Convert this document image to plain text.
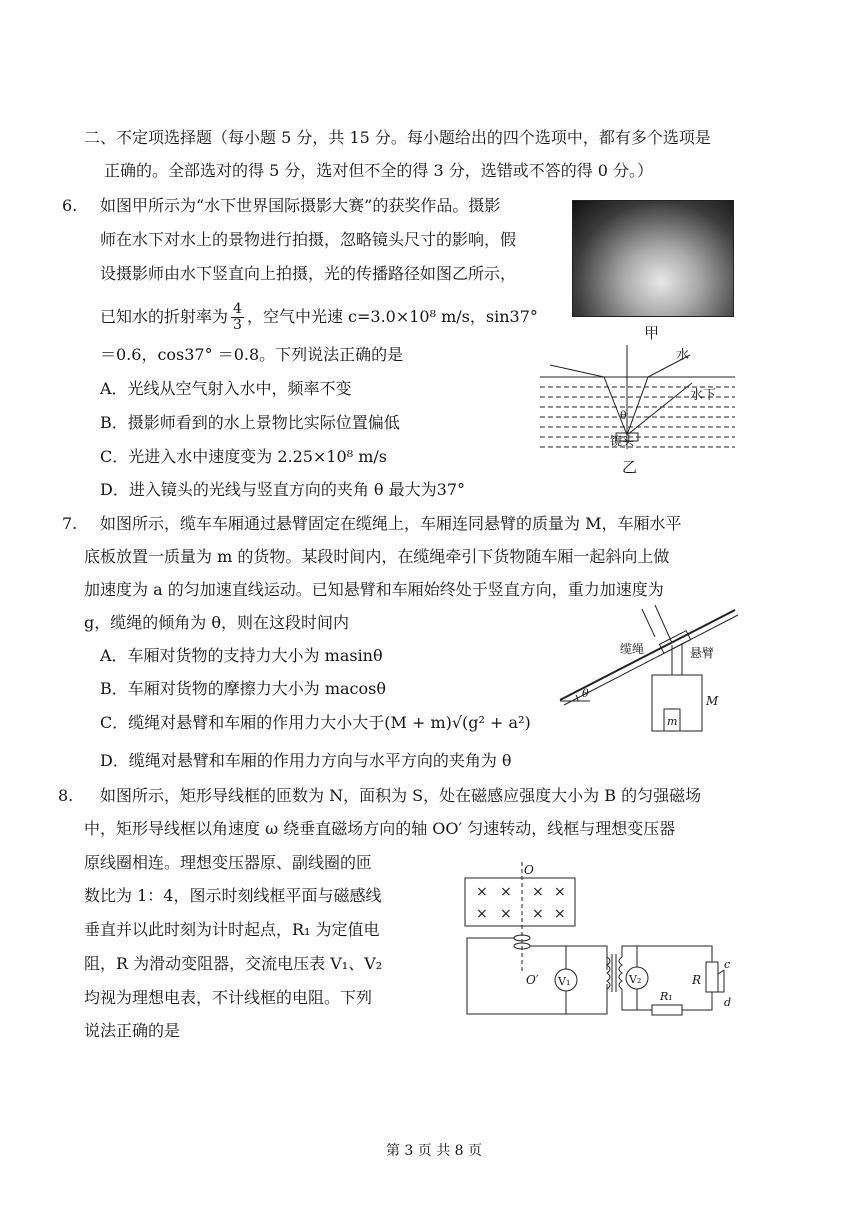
二、不定项选择题（每小题 5 分，共 15 分。每小题给出的四个选项中，都有多个选项是
正确的。全部选对的得 5 分，选对但不全的得 3 分，选错或不答的得 0 分。）
6. 如图甲所示为“水下世界国际摄影大赛”的获奖作品。摄影
师在水下对水上的景物进行拍摄，忽略镜头尺寸的影响，假
设摄影师由水下竖直向上拍摄，光的传播路径如图乙所示，
已知水的折射率为 $\frac{4}{3}$ ，空气中光速 c=3.0×10⁸ m/s，sin37°
＝0.6，cos37° ＝0.8。下列说法正确的是
A．光线从空气射入水中，频率不变
B．摄影师看到的水上景物比实际位置偏低
C．光进入水中速度变为 2.25×10⁸ m/s
D．进入镜头的光线与竖直方向的夹角 θ 最大为37°
甲
水
水下
镜头
θ
乙
7. 如图所示，缆车车厢通过悬臂固定在缆绳上，车厢连同悬臂的质量为 M，车厢水平
底板放置一质量为 m 的货物。某段时间内，在缆绳牵引下货物随车厢一起斜向上做
加速度为 a 的匀加速直线运动。已知悬臂和车厢始终处于竖直方向，重力加速度为
g，缆绳的倾角为 θ，则在这段时间内
A．车厢对货物的支持力大小为 masinθ
B．车厢对货物的摩擦力大小为 macosθ
C．缆绳对悬臂和车厢的作用力大小大于(M + m)√(g² + a²)
D．缆绳对悬臂和车厢的作用力方向与水平方向的夹角为 θ
缆绳	悬臂
M
m
θ
8. 如图所示，矩形导线框的匝数为 N，面积为 S，处在磁感应强度大小为 B 的匀强磁场
中，矩形导线框以角速度 ω 绕垂直磁场方向的轴 OO′ 匀速转动，线框与理想变压器
原线圈相连。理想变压器原、副线圈的匝
数比为 1：4，图示时刻线框平面与磁感线
垂直并以此时刻为计时起点，R₁ 为定值电
阻，R 为滑动变阻器，交流电压表 V₁、V₂
均视为理想电表，不计线框的电阻。下列
说法正确的是
O
O′ V₁	V₂	R
R₁
c
d
× × × ×
× × × ×
第 3 页 共 8 页
